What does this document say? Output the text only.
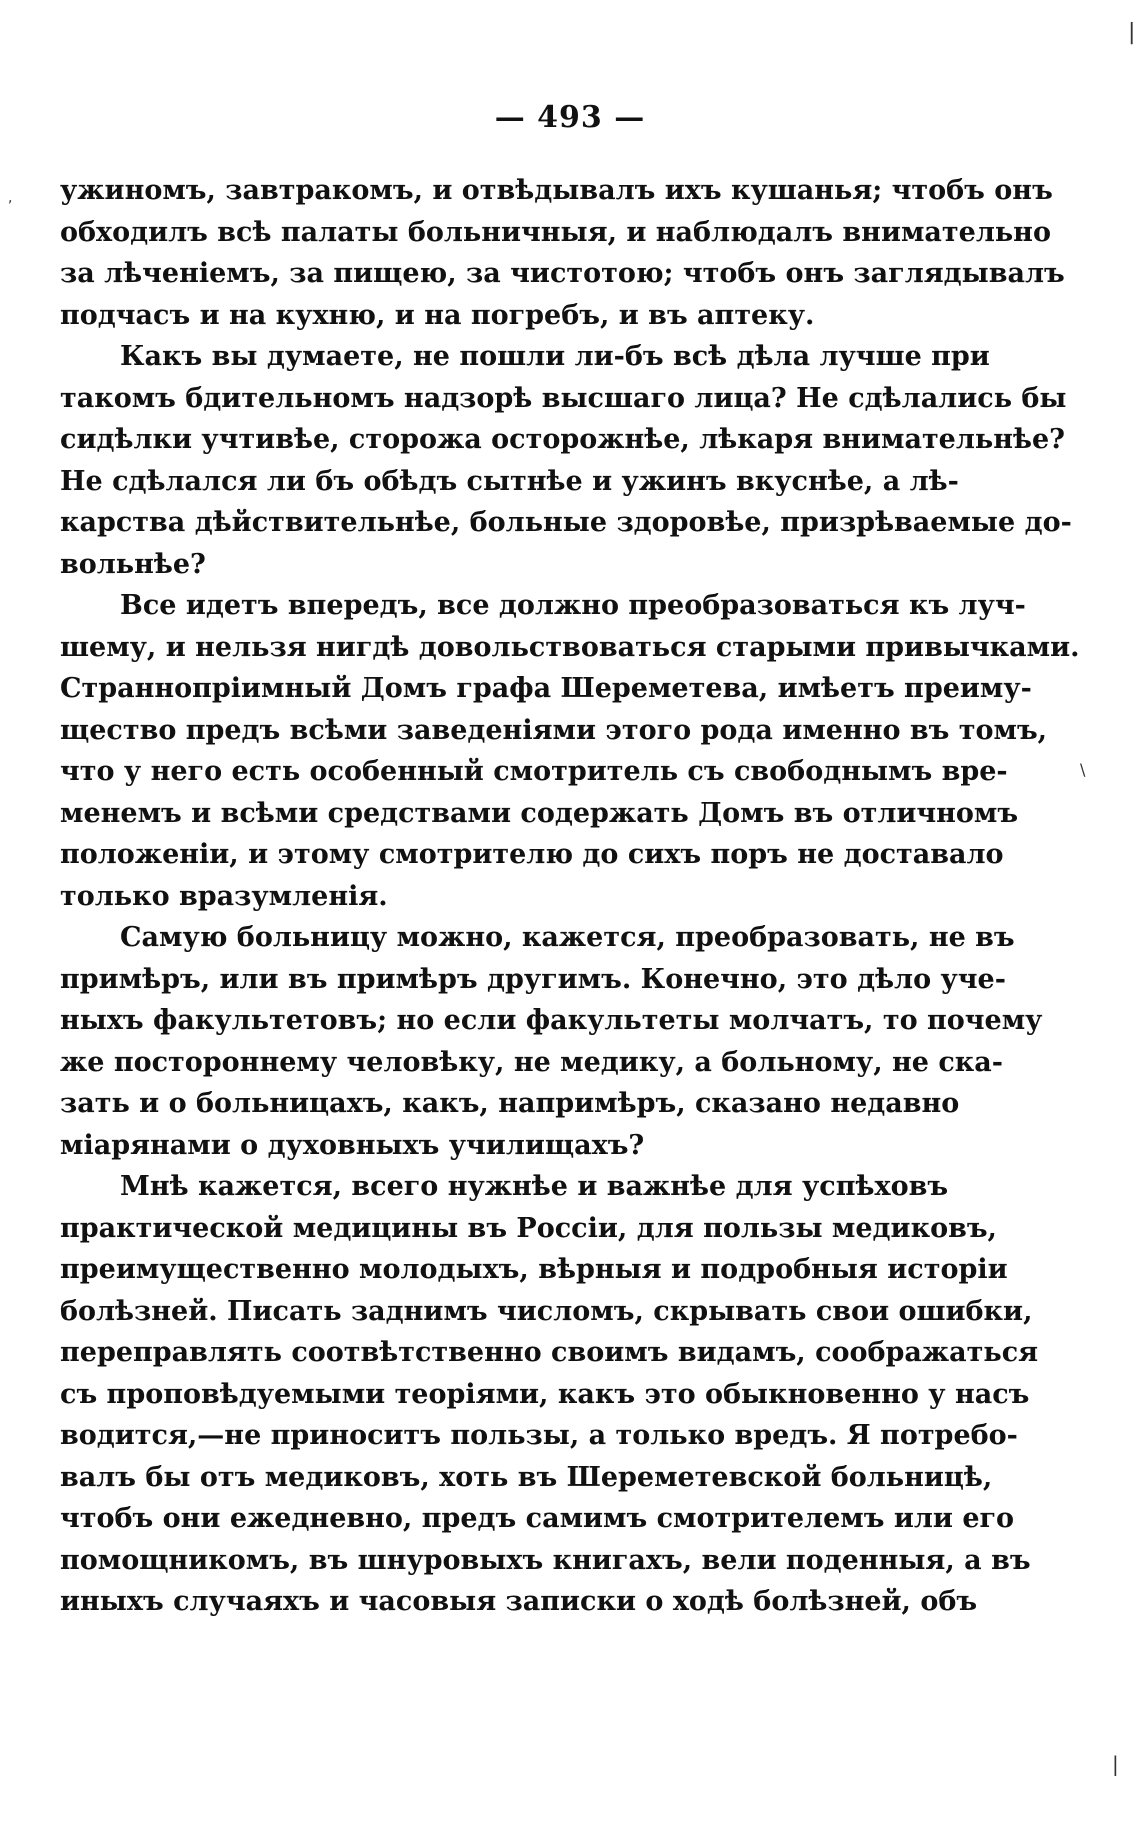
— 493 —
ужиномъ, завтракомъ, и отвѣдывалъ ихъ кушанья; чтобъ онъ
обходилъ всѣ палаты больничныя, и наблюдалъ внимательно
за лѣченіемъ, за пищею, за чистотою; чтобъ онъ заглядывалъ
подчасъ и на кухню, и на погребъ, и въ аптеку.
Какъ вы думаете, не пошли ли-бъ всѣ дѣла лучше при
такомъ бдительномъ надзорѣ высшаго лица? Не сдѣлались бы
сидѣлки учтивѣе, сторожа осторожнѣе, лѣкаря внимательнѣе?
Не сдѣлался ли бъ обѣдъ сытнѣе и ужинъ вкуснѣе, а лѣ-
карства дѣйствительнѣе, больные здоровѣе, призрѣваемые до-
вольнѣе?
Все идетъ впередъ, все должно преобразоваться къ луч-
шему, и нельзя нигдѣ довольствоваться старыми привычками.
Страннопріимный Домъ графа Шереметева, имѣетъ преиму-
щество предъ всѣми заведеніями этого рода именно въ томъ,
что у него есть особенный смотритель съ свободнымъ вре-
менемъ и всѣми средствами содержать Домъ въ отличномъ
положеніи, и этому смотрителю до сихъ поръ не доставало
только вразумленія.
Самую больницу можно, кажется, преобразовать, не въ
примѣръ, или въ примѣръ другимъ. Конечно, это дѣло уче-
ныхъ факультетовъ; но если факультеты молчатъ, то почему
же постороннему человѣку, не медику, а больному, не ска-
зать и о больницахъ, какъ, напримѣръ, сказано недавно
міарянами о духовныхъ училищахъ?
Мнѣ кажется, всего нужнѣе и важнѣе для успѣховъ
практической медицины въ Россіи, для пользы медиковъ,
преимущественно молодыхъ, вѣрныя и подробныя исторіи
болѣзней. Писать заднимъ числомъ, скрывать свои ошибки,
переправлять соотвѣтственно своимъ видамъ, соображаться
съ проповѣдуемыми теоріями, какъ это обыкновенно у насъ
водится,—не приноситъ пользы, а только вредъ. Я потребо-
валъ бы отъ медиковъ, хоть въ Шереметевской больницѣ,
чтобъ они ежедневно, предъ самимъ смотрителемъ или его
помощникомъ, въ шнуровыхъ книгахъ, вели поденныя, а въ
иныхъ случаяхъ и часовыя записки о ходѣ болѣзней, объ
,
|
\
|
